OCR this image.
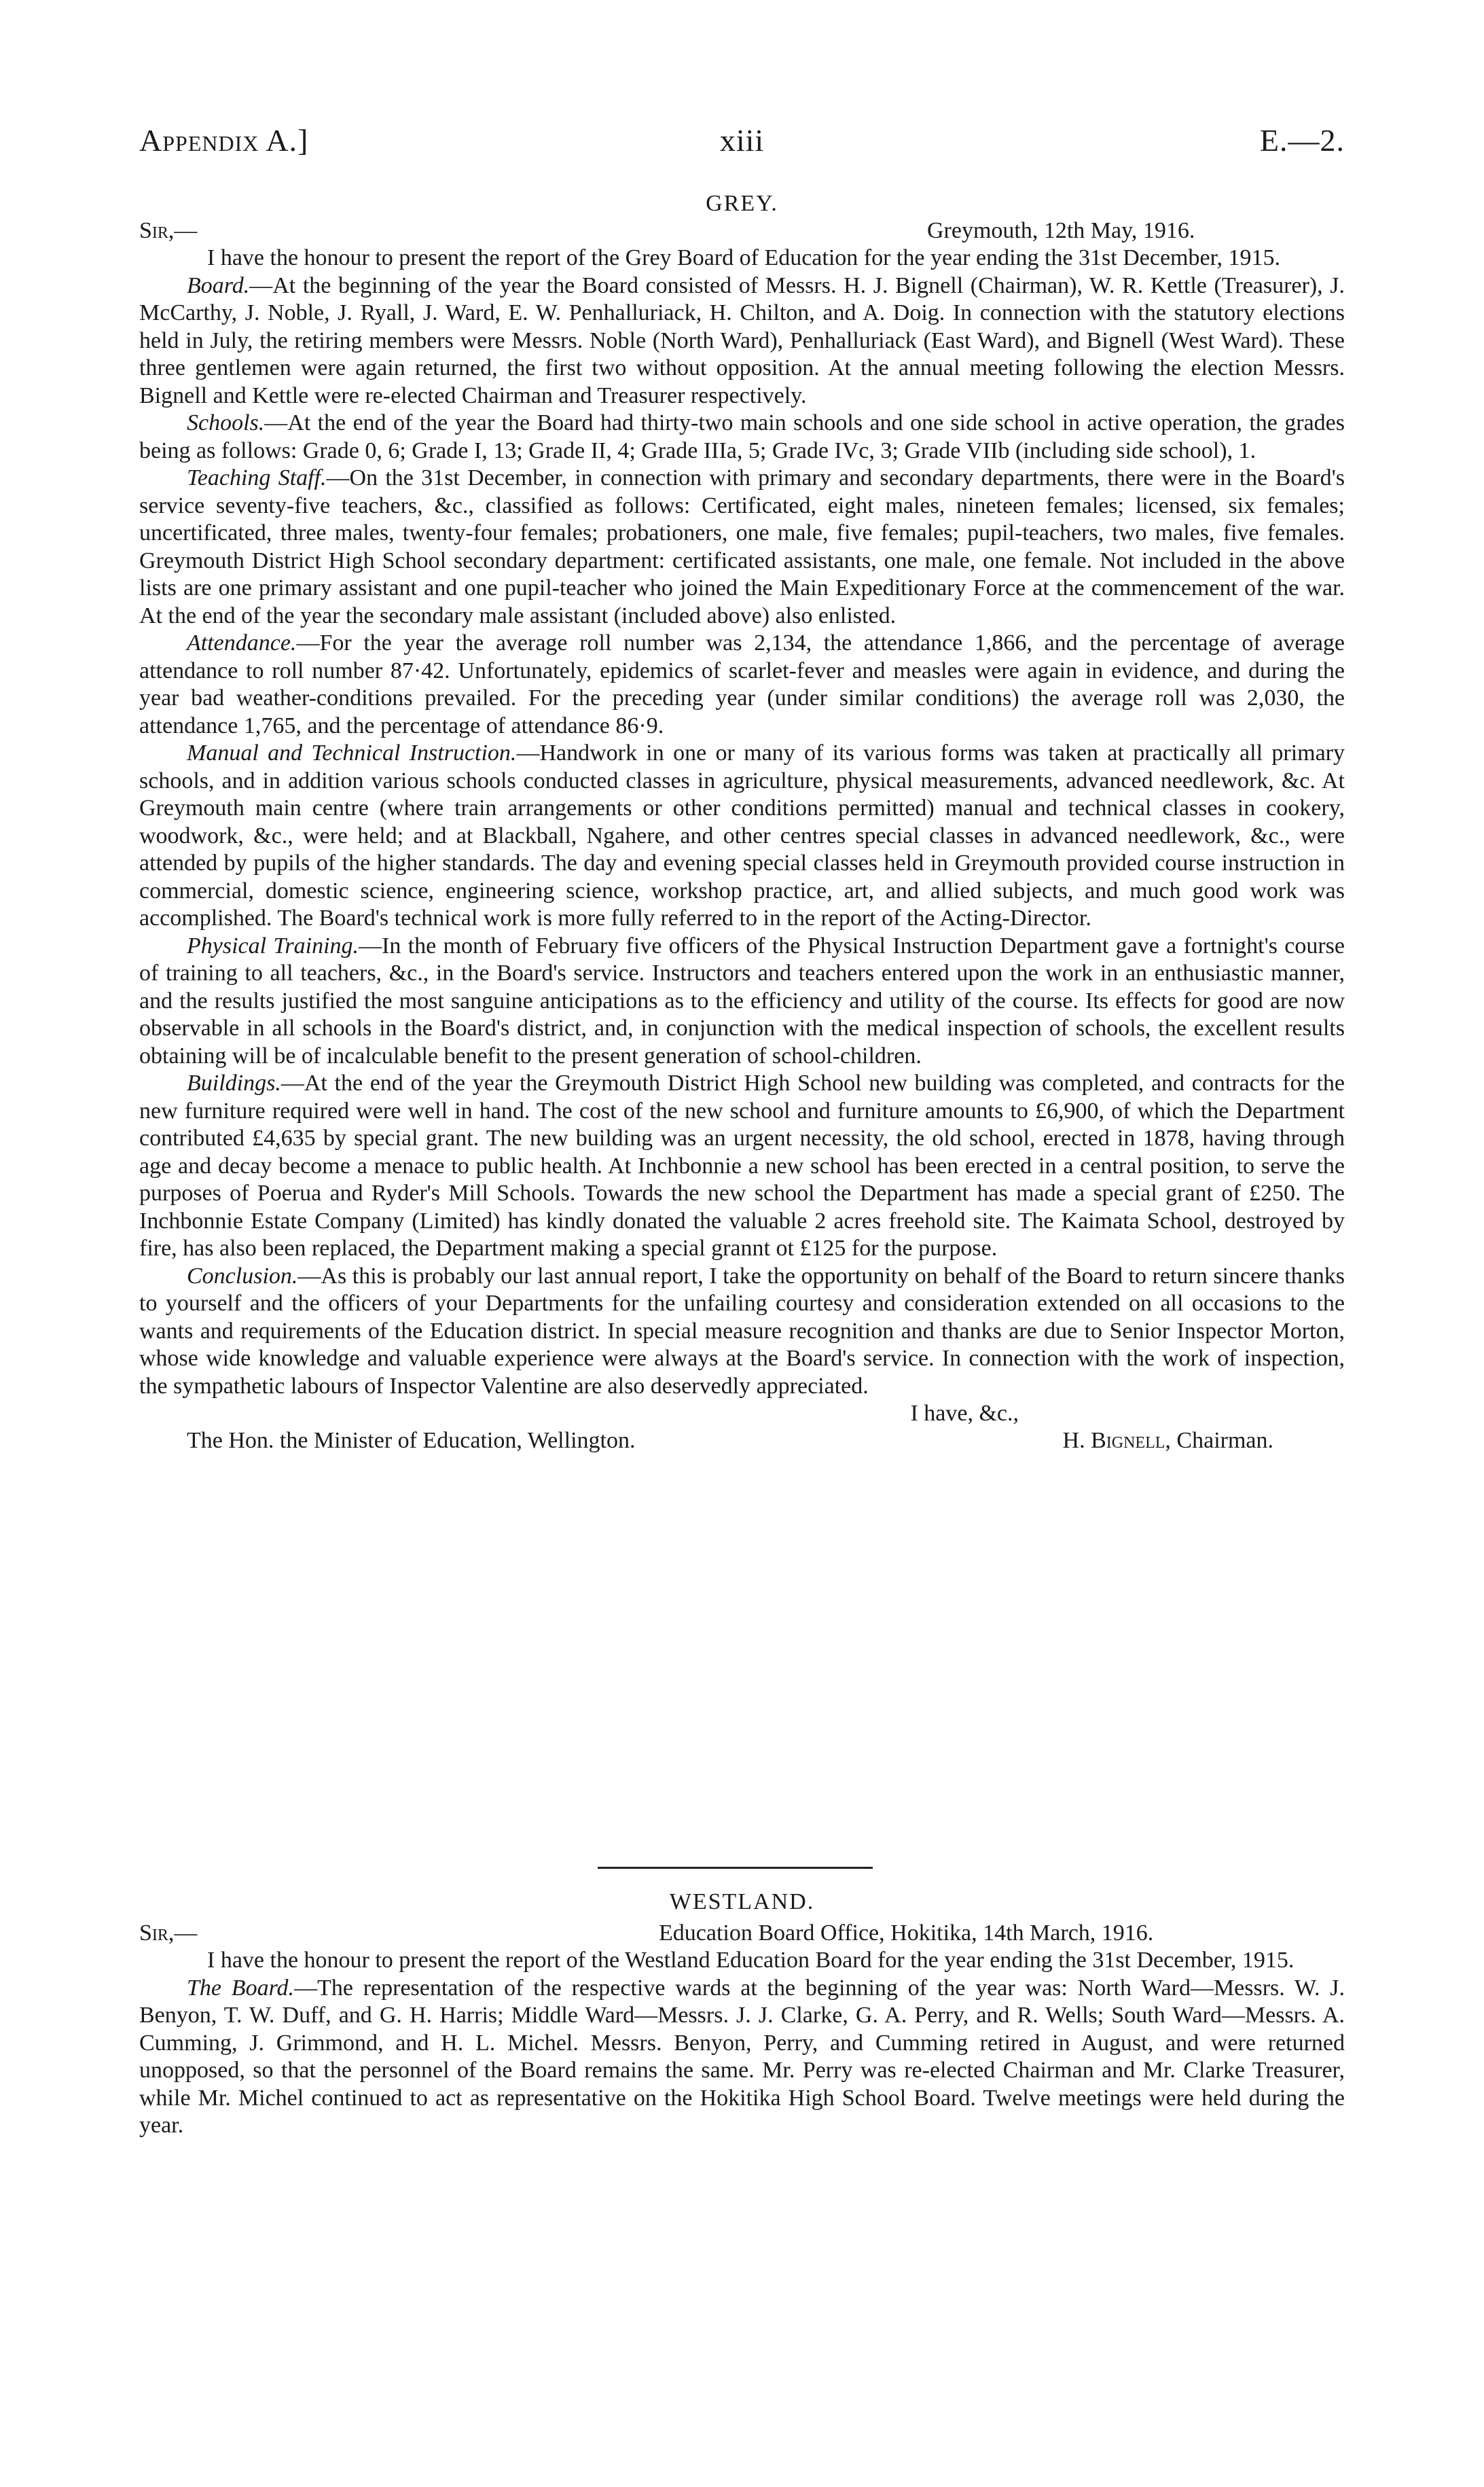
Appendix A.]	xiii	E.—2.
GREY.
Sir,—	Greymouth, 12th May, 1916.

I have the honour to present the report of the Grey Board of Education for the year ending the 31st December, 1915.

Board.—At the beginning of the year the Board consisted of Messrs. H. J. Bignell (Chairman), W. R. Kettle (Treasurer), J. McCarthy, J. Noble, J. Ryall, J. Ward, E. W. Penhalluriack, H. Chilton, and A. Doig. In connection with the statutory elections held in July, the retiring members were Messrs. Noble (North Ward), Penhalluriack (East Ward), and Bignell (West Ward). These three gentlemen were again returned, the first two without opposition. At the annual meeting following the election Messrs. Bignell and Kettle were re-elected Chairman and Treasurer respectively.

Schools.—At the end of the year the Board had thirty-two main schools and one side school in active operation, the grades being as follows: Grade 0, 6; Grade I, 13; Grade II, 4; Grade IIIa, 5; Grade IVc, 3; Grade VIIb (including side school), 1.

Teaching Staff.—On the 31st December, in connection with primary and secondary departments, there were in the Board's service seventy-five teachers, &c., classified as follows: Certificated, eight males, nineteen females; licensed, six females; uncertificated, three males, twenty-four females; probationers, one male, five females; pupil-teachers, two males, five females. Greymouth District High School secondary department: certificated assistants, one male, one female. Not included in the above lists are one primary assistant and one pupil-teacher who joined the Main Expeditionary Force at the commencement of the war. At the end of the year the secondary male assistant (included above) also enlisted.

Attendance.—For the year the average roll number was 2,134, the attendance 1,866, and the percentage of average attendance to roll number 87·42. Unfortunately, epidemics of scarlet-fever and measles were again in evidence, and during the year bad weather-conditions prevailed. For the preceding year (under similar conditions) the average roll was 2,030, the attendance 1,765, and the percentage of attendance 86·9.

Manual and Technical Instruction.—Handwork in one or many of its various forms was taken at practically all primary schools, and in addition various schools conducted classes in agriculture, physical measurements, advanced needlework, &c. At Greymouth main centre (where train arrangements or other conditions permitted) manual and technical classes in cookery, woodwork, &c., were held; and at Blackball, Ngahere, and other centres special classes in advanced needlework, &c., were attended by pupils of the higher standards. The day and evening special classes held in Greymouth provided course instruction in commercial, domestic science, engineering science, workshop practice, art, and allied subjects, and much good work was accomplished. The Board's technical work is more fully referred to in the report of the Acting-Director.

Physical Training.—In the month of February five officers of the Physical Instruction Department gave a fortnight's course of training to all teachers, &c., in the Board's service. Instructors and teachers entered upon the work in an enthusiastic manner, and the results justified the most sanguine anticipations as to the efficiency and utility of the course. Its effects for good are now observable in all schools in the Board's district, and, in conjunction with the medical inspection of schools, the excellent results obtaining will be of incalculable benefit to the present generation of school-children.

Buildings.—At the end of the year the Greymouth District High School new building was completed, and contracts for the new furniture required were well in hand. The cost of the new school and furniture amounts to £6,900, of which the Department contributed £4,635 by special grant. The new building was an urgent necessity, the old school, erected in 1878, having through age and decay become a menace to public health. At Inchbonnie a new school has been erected in a central position, to serve the purposes of Poerua and Ryder's Mill Schools. Towards the new school the Department has made a special grant of £250. The Inchbonnie Estate Company (Limited) has kindly donated the valuable 2 acres freehold site. The Kaimata School, destroyed by fire, has also been replaced, the Department making a special grannt ot £125 for the purpose.

Conclusion.—As this is probably our last annual report, I take the opportunity on behalf of the Board to return sincere thanks to yourself and the officers of your Departments for the unfailing courtesy and consideration extended on all occasions to the wants and requirements of the Education district. In special measure recognition and thanks are due to Senior Inspector Morton, whose wide knowledge and valuable experience were always at the Board's service. In connection with the work of inspection, the sympathetic labours of Inspector Valentine are also deservedly appreciated.

I have, &c.,
The Hon. the Minister of Education, Wellington.	H. Bignell, Chairman.
WESTLAND.
Sir,—	Education Board Office, Hokitika, 14th March, 1916.

I have the honour to present the report of the Westland Education Board for the year ending the 31st December, 1915.

The Board.—The representation of the respective wards at the beginning of the year was: North Ward—Messrs. W. J. Benyon, T. W. Duff, and G. H. Harris; Middle Ward—Messrs. J. J. Clarke, G. A. Perry, and R. Wells; South Ward—Messrs. A. Cumming, J. Grimmond, and H. L. Michel. Messrs. Benyon, Perry, and Cumming retired in August, and were returned unopposed, so that the personnel of the Board remains the same. Mr. Perry was re-elected Chairman and Mr. Clarke Treasurer, while Mr. Michel continued to act as representative on the Hokitika High School Board. Twelve meetings were held during the year.
